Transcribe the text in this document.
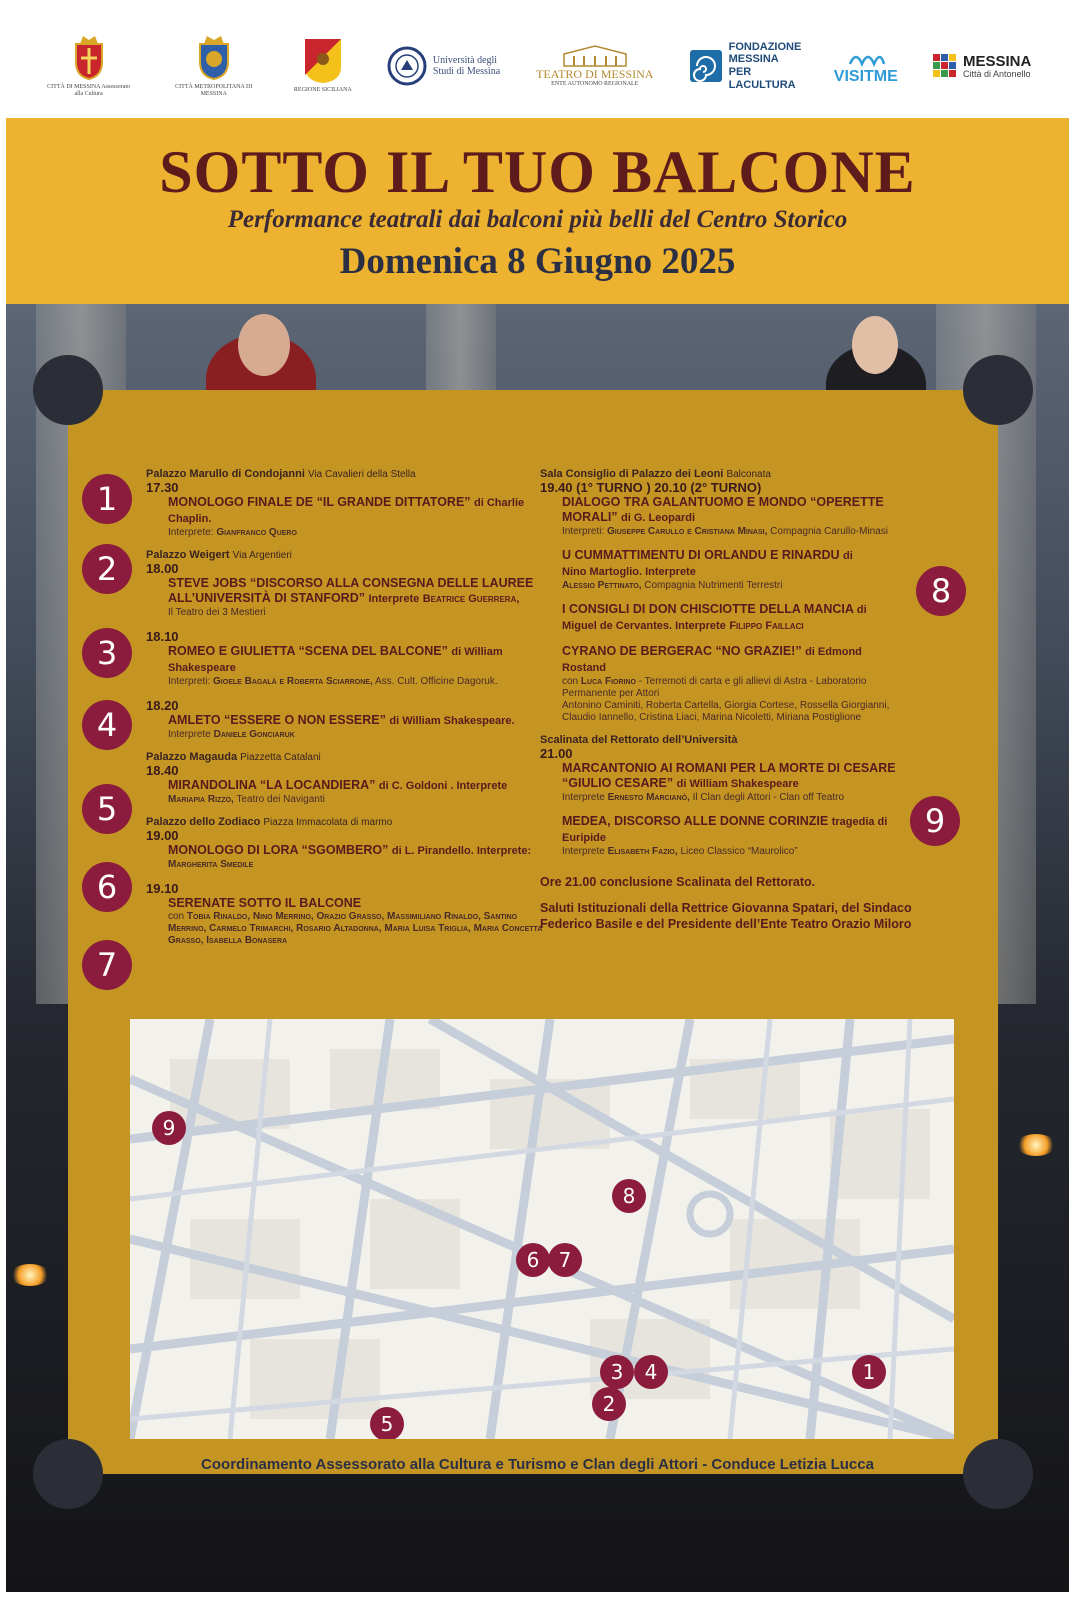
CITTÀ DI MESSINA Assessorato alla Cultura
CITTÀ METROPOLITANA DI MESSINA
REGIONE SICILIANA
Università degli Studi di Messina	TEATRO DI MESSINA
ENTE AUTONOMO REGIONALE
FONDAZIONE MESSINA PER LACULTURA VISITME
MESSINA
Città di Antonello
SOTTO IL TUO BALCONE
Performance teatrali dai balconi più belli del Centro Storico
Domenica 8 Giugno 2025
1
2
3
4
5
6
7
8
9
Palazzo Marullo di Condojanni Via Cavalieri della Stella
17.30
MONOLOGO FINALE DE “IL GRANDE DITTATORE” di Charlie Chaplin.
Interprete: Gianfranco Quero
Palazzo Weigert Via Argentieri
18.00
STEVE JOBS “DISCORSO ALLA CONSEGNA DELLE LAUREE ALL’UNIVERSITÀ DI STANFORD” Interprete Beatrice Guerrera,
Il Teatro dei 3 Mestieri
18.10
ROMEO E GIULIETTA “SCENA DEL BALCONE” di William Shakespeare
Interpreti: Gioele Bagalà e Roberta Sciarrone, Ass. Cult. Officine Dagoruk.
18.20
AMLETO “ESSERE O NON ESSERE” di William Shakespeare.
Interprete Daniele Gonciaruk
Palazzo Magauda Piazzetta Catalani
18.40
MIRANDOLINA “LA LOCANDIERA” di C. Goldoni . Interprete
Mariapia Rizzo, Teatro dei Naviganti
Palazzo dello Zodiaco Piazza Immacolata di marmo
19.00
MONOLOGO DI LORA “SGOMBERO” di L. Pirandello. Interprete:
Margherita Smedile
19.10
SERENATE SOTTO IL BALCONE
con Tobia Rinaldo, Nino Merrino, Orazio Grasso, Massimiliano Rinaldo, Santino Merrino, Carmelo Trimarchi, Rosario Altadonna, Maria Luisa Triglia, Maria Concetta Grasso, Isabella Bonasera
Sala Consiglio di Palazzo dei Leoni Balconata
19.40 (1° TURNO ) 20.10 (2° TURNO)
DIALOGO TRA GALANTUOMO E MONDO “OPERETTE MORALI” di G. Leopardi
Interpreti: Giuseppe Carullo e Cristiana Minasi, Compagnia Carullo-Minasi
U CUMMATTIMENTU DI ORLANDU E RINARDU di Nino Martoglio. Interprete
Alessio Pettinato, Compagnia Nutrimenti Terrestri
I CONSIGLI DI DON CHISCIOTTE DELLA MANCIA di Miguel de Cervantes. Interprete Filippo Faillaci
CYRANO DE BERGERAC “NO GRAZIE!” di Edmond Rostand
con Luca Fiorino - Terremoti di carta e gli allievi di Astra - Laboratorio Permanente per Attori
Antonino Caminiti, Roberta Cartella, Giorgia Cortese, Rossella Giorgianni, Claudio Iannello, Cristina Liaci, Marina Nicoletti, Miriana Postiglione
Scalinata del Rettorato dell’Università
21.00
MARCANTONIO AI ROMANI PER LA MORTE DI CESARE “GIULIO CESARE” di William Shakespeare
Interprete Ernesto Marcianò, Il Clan degli Attori - Clan off Teatro
MEDEA, DISCORSO ALLE DONNE CORINZIE tragedia di Euripide
Interprete Elisabeth Fazio, Liceo Classico “Maurolico”
Ore 21.00 conclusione Scalinata del Rettorato.
Saluti Istituzionali della Rettrice Giovanna Spatari, del Sindaco Federico Basile e del Presidente dell’Ente Teatro Orazio Miloro
9
8
6 7
3	4
2
1
5
Coordinamento Assessorato alla Cultura e Turismo e Clan degli Attori - Conduce Letizia Lucca
